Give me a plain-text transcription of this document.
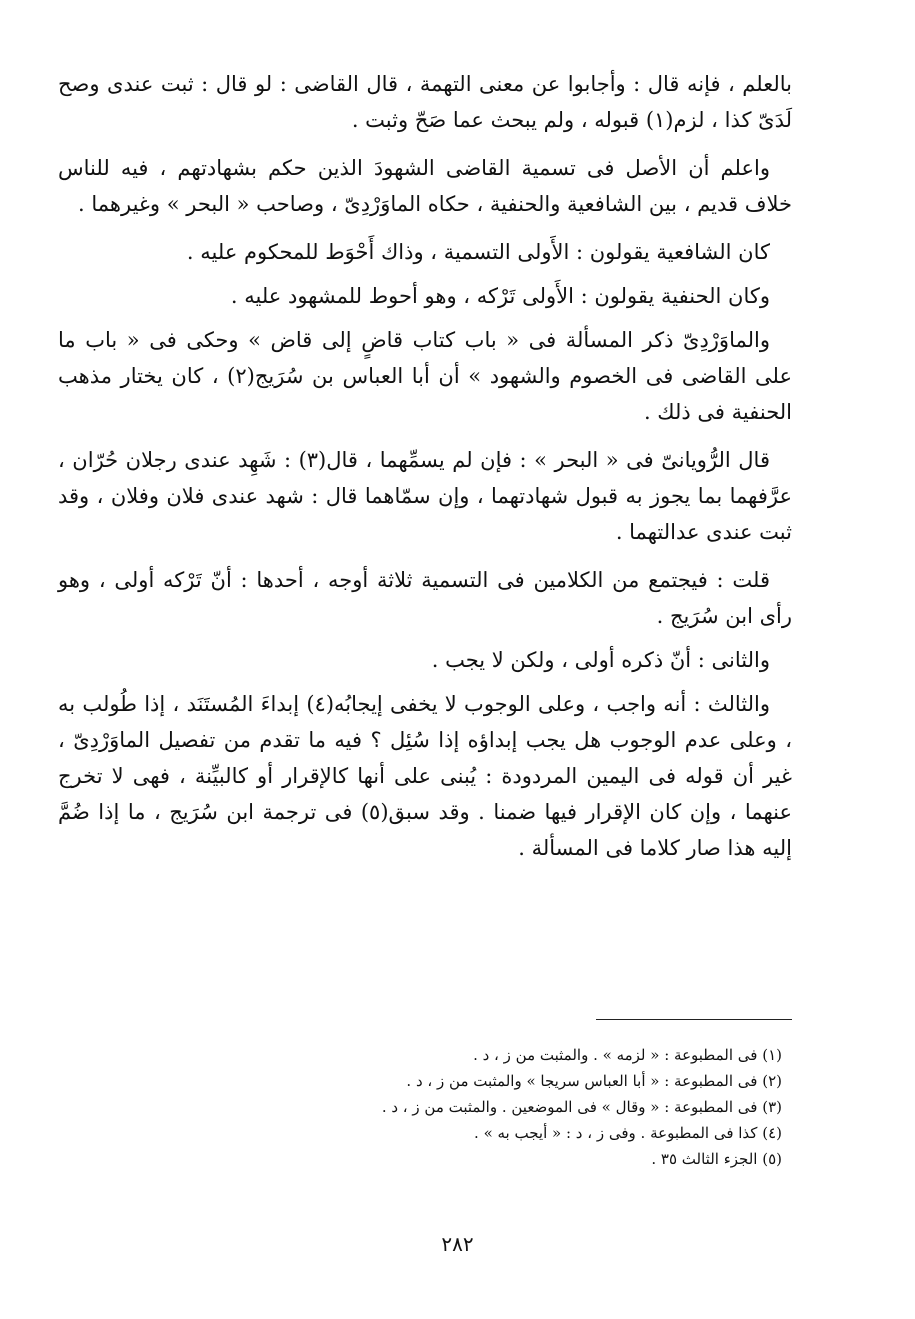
بالعلم ، فإنه قال : وأجابوا عن معنى التهمة ، قال القاضى : لو قال : ثبت عندى وصح لَدَىّ كذا ، لزم(١) قبوله ، ولم يبحث عما صَحّ وثبت .

واعلم أن الأصل فى تسمية القاضى الشهودَ الذين حكم بشهادتهم ، فيه للناس خلاف قديم ، بين الشافعية والحنفية ، حكاه الماوَرْدِىّ ، وصاحب « البحر » وغيرهما .

كان الشافعية يقولون : الأَولى التسمية ، وذاك أَحْوَط للمحكوم عليه .

وكان الحنفية يقولون : الأَولى تَرْكه ، وهو أحوط للمشهود عليه .

والماوَرْدِىّ ذكر المسألة فى « باب كتاب قاضٍ إلى قاض » وحكى فى « باب ما على القاضى فى الخصوم والشهود » أن أبا العباس بن سُرَيج(٢) ، كان يختار مذهب الحنفية فى ذلك .

قال الرُّويانىّ فى « البحر » : فإن لم يسمِّهما ، قال(٣) : شَهِد عندى رجلان حُرّان ، عرَّفهما بما يجوز به قبول شهادتهما ، وإن سمّاهما قال : شهد عندى فلان وفلان ، وقد ثبت عندى عدالتهما .

قلت : فيجتمع من الكلامين فى التسمية ثلاثة أوجه ، أحدها : أنّ تَرْكه أولى ، وهو رأى ابن سُرَيج .

والثانى : أنّ ذكره أولى ، ولكن لا يجب .

والثالث : أنه واجب ، وعلى الوجوب لا يخفى إيجابُه(٤) إبداءَ المُستَنَد ، إذا طُولب به ، وعلى عدم الوجوب هل يجب إبداؤه إذا سُئِل ؟ فيه ما تقدم من تفصيل الماوَرْدِىّ ، غير أن قوله فى اليمين المردودة : يُبنى على أنها كالإقرار أو كالبيِّنة ، فهى لا تخرج عنهما ، وإن كان الإقرار فيها ضمنا . وقد سبق(٥) فى ترجمة ابن سُرَيج ، ما إذا ضُمَّ إليه هذا صار كلاما فى المسألة .

(١) فى المطبوعة : « لزمه » . والمثبت من ز ، د .

(٢) فى المطبوعة : « أبا العباس سريجا » والمثبت من ز ، د .

(٣) فى المطبوعة : « وقال » فى الموضعين . والمثبت من ز ، د .

(٤) كذا فى المطبوعة . وفى ز ، د : « أيجب به » .

(٥) الجزء الثالث ٣٥ .

٢٨٢
